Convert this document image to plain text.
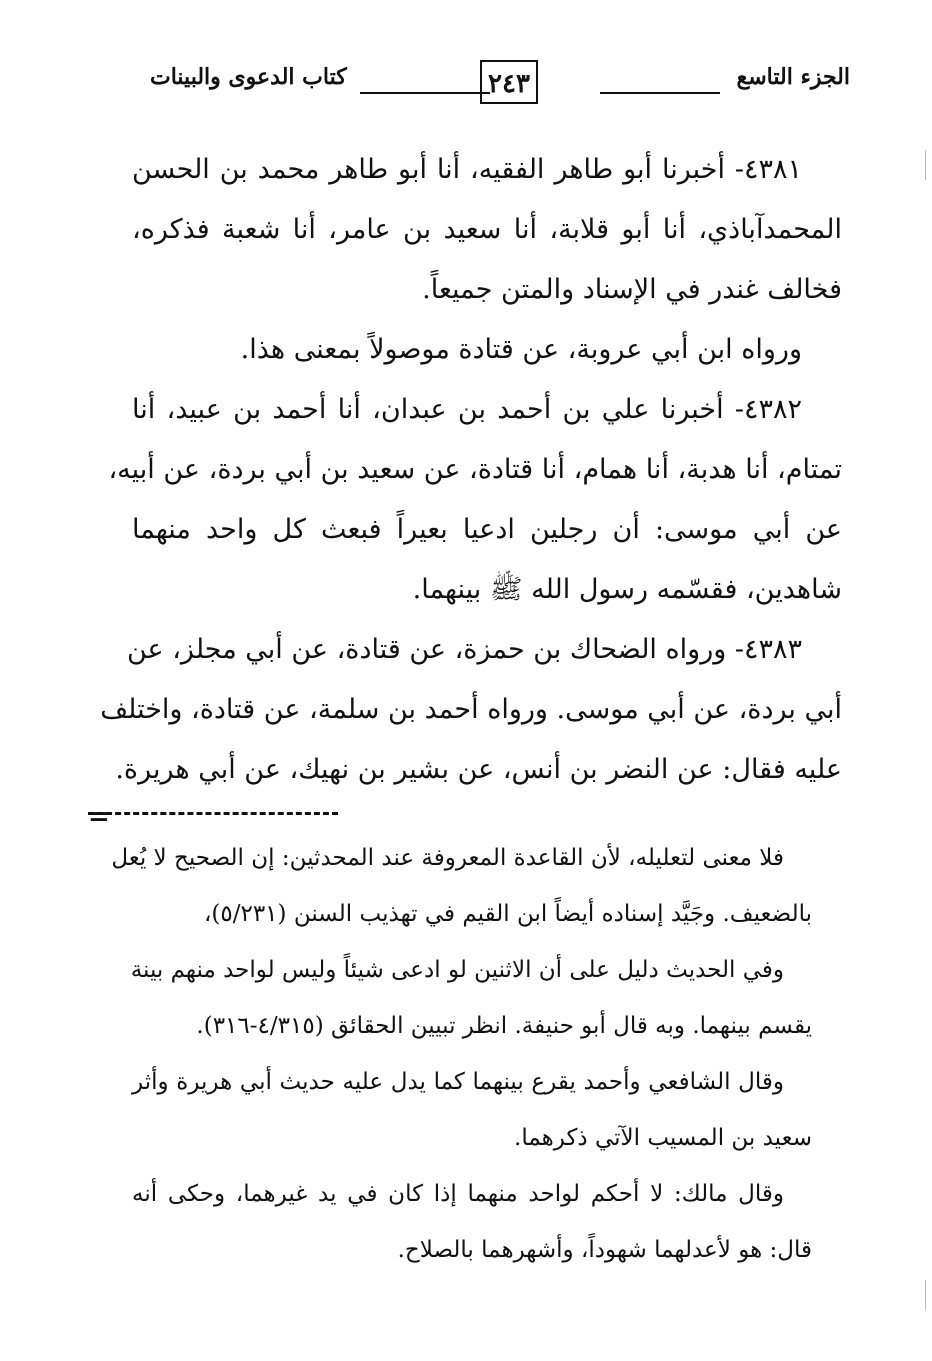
الجزء التاسع
٢٤٣
كتاب الدعوى والبينات
٤٣٨١- أخبرنا أبو طاهر الفقيه، أنا أبو طاهر محمد بن الحسن
المحمدآباذي، أنا أبو قلابة، أنا سعيد بن عامر، أنا شعبة فذكره،
فخالف غندر في الإسناد والمتن جميعاً.
ورواه ابن أبي عروبة، عن قتادة موصولاً بمعنى هذا.
٤٣٨٢- أخبرنا علي بن أحمد بن عبدان، أنا أحمد بن عبيد، أنا
تمتام، أنا هدبة، أنا همام، أنا قتادة، عن سعيد بن أبي بردة، عن أبيه،
عن أبي موسى: أن رجلين ادعيا بعيراً فبعث كل واحد منهما
شاهدين، فقسّمه رسول الله ﷺ بينهما.
٤٣٨٣- ورواه الضحاك بن حمزة، عن قتادة، عن أبي مجلز، عن
أبي بردة، عن أبي موسى. ورواه أحمد بن سلمة، عن قتادة، واختلف
عليه فقال: عن النضر بن أنس، عن بشير بن نهيك، عن أبي هريرة.
=
فلا معنى لتعليله، لأن القاعدة المعروفة عند المحدثين: إن الصحيح لا يُعل
بالضعيف. وجَيَّد إسناده أيضاً ابن القيم في تهذيب السنن (٥/٢٣١)،
وفي الحديث دليل على أن الاثنين لو ادعى شيئاً وليس لواحد منهم بينة
يقسم بينهما. وبه قال أبو حنيفة. انظر تبيين الحقائق (٤/٣١٥-٣١٦).
وقال الشافعي وأحمد يقرع بينهما كما يدل عليه حديث أبي هريرة وأثر
سعيد بن المسيب الآتي ذكرهما.
وقال مالك: لا أحكم لواحد منهما إذا كان في يد غيرهما، وحكى أنه
قال: هو لأعدلهما شهوداً، وأشهرهما بالصلاح.
